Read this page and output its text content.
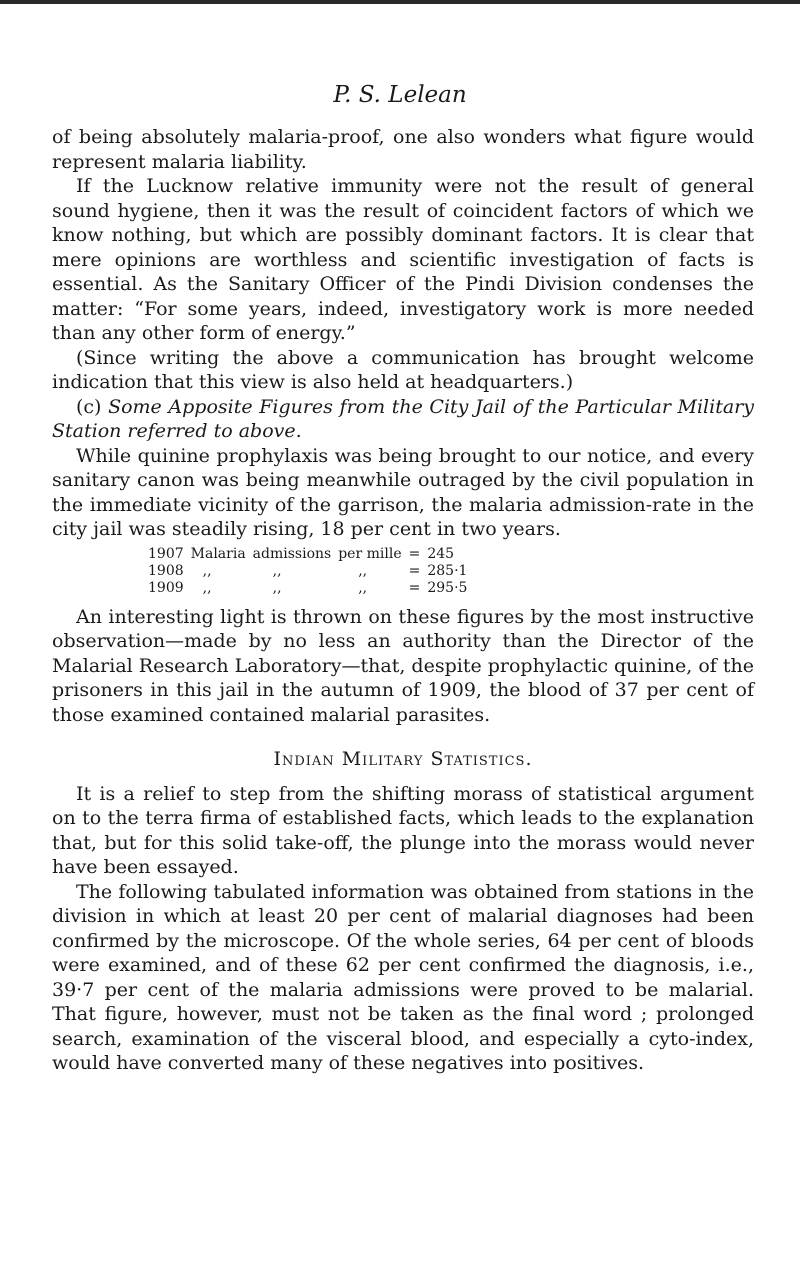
P. S. Lelean

of being absolutely malaria-proof, one also wonders what figure would represent malaria liability.

If the Lucknow relative immunity were not the result of general sound hygiene, then it was the result of coincident factors of which we know nothing, but which are possibly dominant factors. It is clear that mere opinions are worthless and scientific investigation of facts is essential. As the Sanitary Officer of the Pindi Division condenses the matter: “For some years, indeed, investigatory work is more needed than any other form of energy.”

(Since writing the above a communication has brought welcome indication that this view is also held at headquarters.)

(c) Some Apposite Figures from the City Jail of the Particular Military Station referred to above.

While quinine prophylaxis was being brought to our notice, and every sanitary canon was being meanwhile outraged by the civil population in the immediate vicinity of the garrison, the malaria admission-rate in the city jail was steadily rising, 18 per cent in two years.

1907	Malaria	admissions	per mille	=	245
1908	,,	,,	,,	=	285·1
1909	,,	,,	,,	=	295·5

An interesting light is thrown on these figures by the most instructive observation—made by no less an authority than the Director of the Malarial Research Laboratory—that, despite prophylactic quinine, of the prisoners in this jail in the autumn of 1909, the blood of 37 per cent of those examined contained malarial parasites.

Indian Military Statistics.

It is a relief to step from the shifting morass of statistical argument on to the terra firma of established facts, which leads to the explanation that, but for this solid take-off, the plunge into the morass would never have been essayed.

The following tabulated information was obtained from stations in the division in which at least 20 per cent of malarial diagnoses had been confirmed by the microscope. Of the whole series, 64 per cent of bloods were examined, and of these 62 per cent confirmed the diagnosis, i.e., 39·7 per cent of the malaria admissions were proved to be malarial. That figure, however, must not be taken as the final word ; prolonged search, examination of the visceral blood, and especially a cyto-index, would have converted many of these negatives into positives.
